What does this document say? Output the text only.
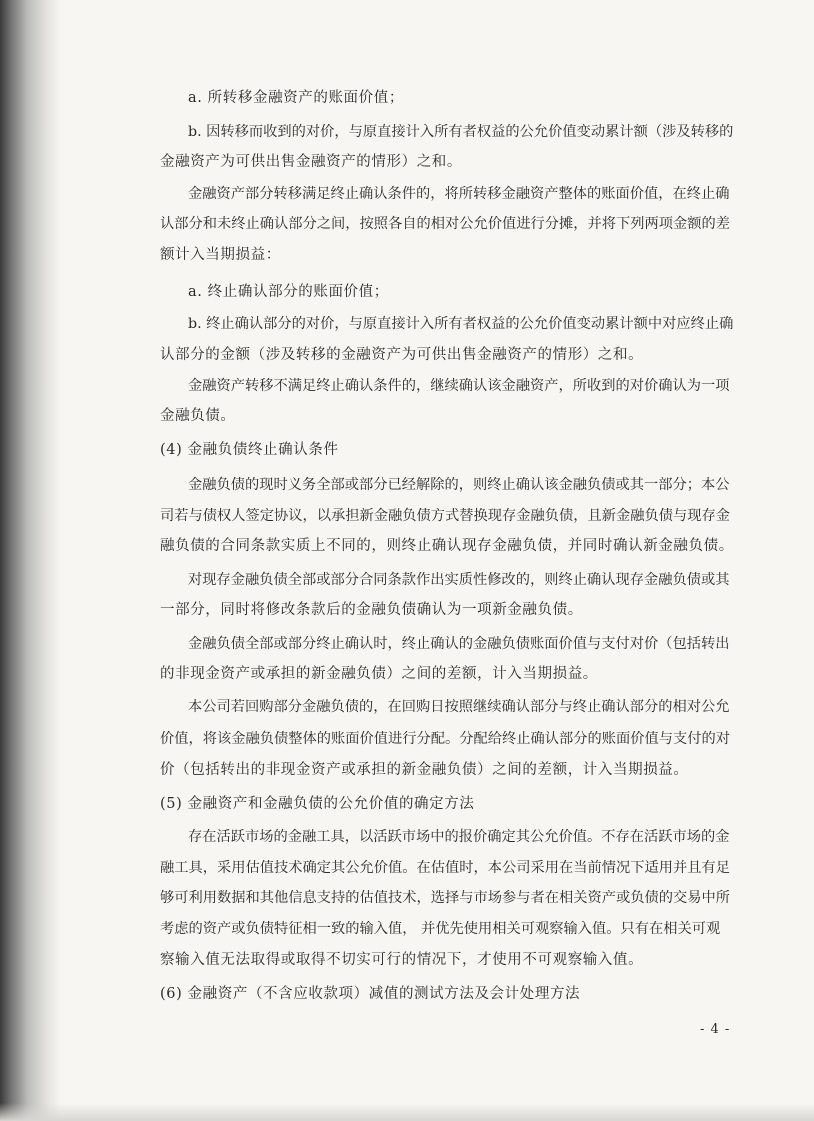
a. 所转移金融资产的账面价值；
b. 因转移而收到的对价，与原直接计入所有者权益的公允价值变动累计额（涉及转移的
金融资产为可供出售金融资产的情形）之和。
金融资产部分转移满足终止确认条件的，将所转移金融资产整体的账面价值，在终止确
认部分和未终止确认部分之间，按照各自的相对公允价值进行分摊，并将下列两项金额的差
额计入当期损益：
a. 终止确认部分的账面价值；
b. 终止确认部分的对价，与原直接计入所有者权益的公允价值变动累计额中对应终止确
认部分的金额（涉及转移的金融资产为可供出售金融资产的情形）之和。
金融资产转移不满足终止确认条件的，继续确认该金融资产，所收到的对价确认为一项
金融负债。
(4) 金融负债终止确认条件
金融负债的现时义务全部或部分已经解除的，则终止确认该金融负债或其一部分；本公
司若与债权人签定协议，以承担新金融负债方式替换现存金融负债，且新金融负债与现存金
融负债的合同条款实质上不同的，则终止确认现存金融负债，并同时确认新金融负债。
对现存金融负债全部或部分合同条款作出实质性修改的，则终止确认现存金融负债或其
一部分，同时将修改条款后的金融负债确认为一项新金融负债。
金融负债全部或部分终止确认时，终止确认的金融负债账面价值与支付对价（包括转出
的非现金资产或承担的新金融负债）之间的差额，计入当期损益。
本公司若回购部分金融负债的，在回购日按照继续确认部分与终止确认部分的相对公允
价值，将该金融负债整体的账面价值进行分配。分配给终止确认部分的账面价值与支付的对
价（包括转出的非现金资产或承担的新金融负债）之间的差额，计入当期损益。
(5) 金融资产和金融负债的公允价值的确定方法
存在活跃市场的金融工具，以活跃市场中的报价确定其公允价值。不存在活跃市场的金
融工具，采用估值技术确定其公允价值。在估值时，本公司采用在当前情况下适用并且有足
够可利用数据和其他信息支持的估值技术，选择与市场参与者在相关资产或负债的交易中所
考虑的资产或负债特征相一致的输入值， 并优先使用相关可观察输入值。只有在相关可观
察输入值无法取得或取得不切实可行的情况下，才使用不可观察输入值。
(6) 金融资产（不含应收款项）减值的测试方法及会计处理方法
- 4 -
